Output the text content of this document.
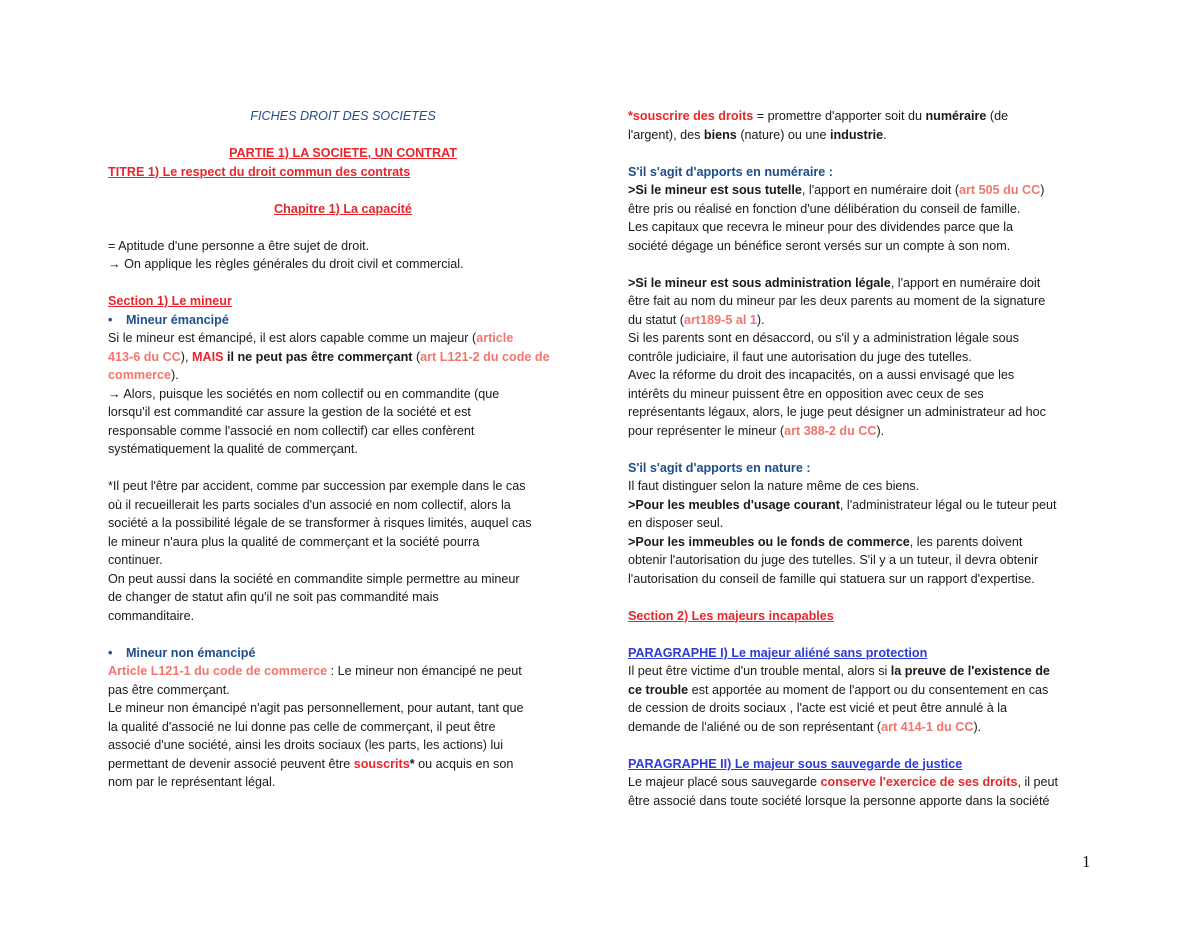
FICHES DROIT DES SOCIETES
PARTIE 1) LA SOCIETE, UN CONTRAT
TITRE 1) Le respect du droit commun des contrats
Chapitre 1) La capacité
= Aptitude d'une personne a être sujet de droit.
→ On applique les règles générales du droit civil et commercial.
Section 1) Le mineur
• Mineur émancipé
Si le mineur est émancipé, il est alors capable comme un majeur (article
413-6 du CC), MAIS il ne peut pas être commerçant (art L121-2 du code de
commerce).
→ Alors, puisque les sociétés en nom collectif ou en commandite (que
lorsqu'il est commandité car assure la gestion de la société et est
responsable comme l'associé en nom collectif) car elles confèrent
systématiquement la qualité de commerçant.
*Il peut l'être par accident, comme par succession par exemple dans le cas
où il recueillerait les parts sociales d'un associé en nom collectif, alors la
société a la possibilité légale de se transformer à risques limités, auquel cas
le mineur n'aura plus la qualité de commerçant et la société pourra
continuer.
On peut aussi dans la société en commandite simple permettre au mineur
de changer de statut afin qu'il ne soit pas commandité mais
commanditaire.
• Mineur non émancipé
Article L121-1 du code de commerce : Le mineur non émancipé ne peut
pas être commerçant.
Le mineur non émancipé n'agit pas personnellement, pour autant, tant que
la qualité d'associé ne lui donne pas celle de commerçant, il peut être
associé d'une société, ainsi les droits sociaux (les parts, les actions) lui
permettant de devenir associé peuvent être souscrits* ou acquis en son
nom par le représentant légal.
*souscrire des droits = promettre d'apporter soit du numéraire (de
l'argent), des biens (nature) ou une industrie.
S'il s'agit d'apports en numéraire :
>Si le mineur est sous tutelle, l'apport en numéraire doit (art 505 du CC)
être pris ou réalisé en fonction d'une délibération du conseil de famille.
Les capitaux que recevra le mineur pour des dividendes parce que la
société dégage un bénéfice seront versés sur un compte à son nom.
>Si le mineur est sous administration légale, l'apport en numéraire doit
être fait au nom du mineur par les deux parents au moment de la signature
du statut (art189-5 al 1).
Si les parents sont en désaccord, ou s'il y a administration légale sous
contrôle judiciaire, il faut une autorisation du juge des tutelles.
Avec la réforme du droit des incapacités, on a aussi envisagé que les
intérêts du mineur puissent être en opposition avec ceux de ses
représentants légaux, alors, le juge peut désigner un administrateur ad hoc
pour représenter le mineur (art 388-2 du CC).
S'il s'agit d'apports en nature :
Il faut distinguer selon la nature même de ces biens.
>Pour les meubles d'usage courant, l'administrateur légal ou le tuteur peut
en disposer seul.
>Pour les immeubles ou le fonds de commerce, les parents doivent
obtenir l'autorisation du juge des tutelles. S'il y a un tuteur, il devra obtenir
l'autorisation du conseil de famille qui statuera sur un rapport d'expertise.
Section 2) Les majeurs incapables
PARAGRAPHE I) Le majeur aliéné sans protection
Il peut être victime d'un trouble mental, alors si la preuve de l'existence de
ce trouble est apportée au moment de l'apport ou du consentement en cas
de cession de droits sociaux , l'acte est vicié et peut être annulé à la
demande de l'aliéné ou de son représentant (art 414-1 du CC).
PARAGRAPHE II) Le majeur sous sauvegarde de justice
Le majeur placé sous sauvegarde conserve l'exercice de ses droits, il peut
être associé dans toute société lorsque la personne apporte dans la société
1
